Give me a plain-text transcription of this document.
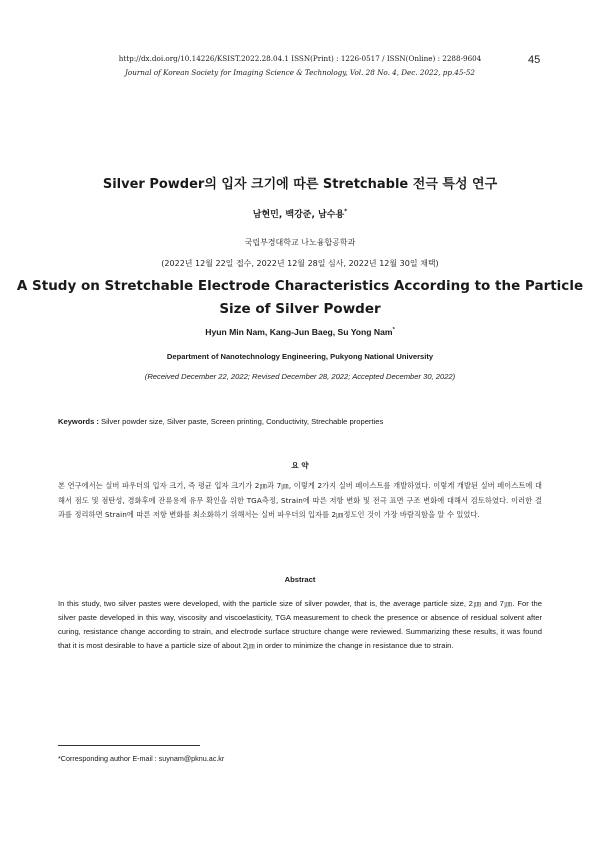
http://dx.doi.org/10.14226/KSIST.2022.28.04.1 ISSN(Print) : 1226-0517 / ISSN(Online) : 2288-9604
Journal of Korean Society for Imaging Science & Technology, Vol. 28 No. 4, Dec. 2022, pp.45-52
45
Silver Powder의 입자 크기에 따른 Stretchable 전극 특성 연구
남현민, 백강준, 남수용*
국립부경대학교 나노융합공학과
(2022년 12월 22일 접수, 2022년 12월 28일 심사, 2022년 12월 30일 채택)
A Study on Stretchable Electrode Characteristics According to the Particle
Size of Silver Powder
Hyun Min Nam, Kang-Jun Baeg, Su Yong Nam*
Department of Nanotechnology Engineering, Pukyong National University
(Received December 22, 2022; Revised December 28, 2022; Accepted December 30, 2022)
Keywords : Silver powder size, Silver paste, Screen printing, Conductivity, Strechable properties
요 약
본 연구에서는 실버 파우더의 입자 크기, 즉 평균 입자 크기가 2㎛과 7㎛, 이렇게 2가지 실버 페이스트를 개발하였다. 이렇게 개발된 실버 페이스트에 대해서 점도 및 점탄성, 경화후에 잔류용제 유무 확인을 위한 TGA측정, Strain에 따른 저항 변화 및 전극 표면 구조 변화에 대해서 검토하였다. 이러한 결과를 정리하면 Strain에 따른 저항 변화를 최소화하기 위해서는 실버 파우더의 입자를 2㎛정도인 것이 가장 바람직함을 알 수 있었다.
Abstract
In this study, two silver pastes were developed, with the particle size of silver powder, that is, the average particle size, 2㎛ and 7㎛. For the silver paste developed in this way, viscosity and viscoelasticity, TGA measurement to check the presence or absence of residual solvent after curing, resistance change according to strain, and electrode surface structure change were reviewed. Summarizing these results, it was found that it is most desirable to have a particle size of about 2㎛ in order to minimize the change in resistance due to strain.
*Corresponding author E-mail : suynam@pknu.ac.kr
